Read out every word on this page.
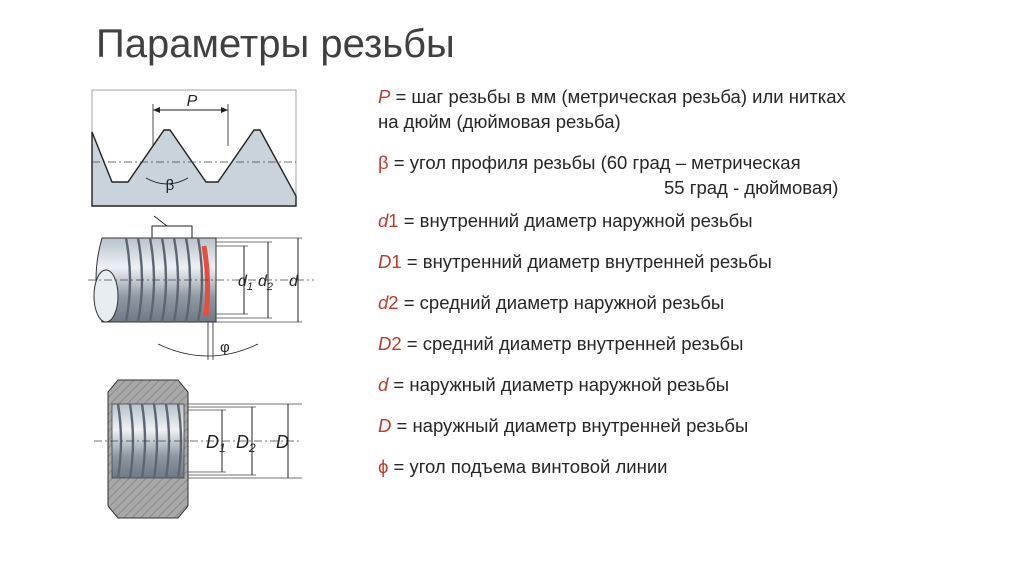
Параметры резьбы
P
β
$d_1$ $d_2$ d
φ
$D_1$ $D_2$ D
P = шаг резьбы в мм (метрическая резьба) или нитках
на дюйм (дюймовая резьба)
β = угол профиля резьбы (60 град – метрическая
55 град - дюймовая)
d1 = внутренний диаметр наружной резьбы
D1 = внутренний диаметр внутренней резьбы
d2 = средний диаметр наружной резьбы
D2 = средний диаметр внутренней резьбы
d = наружный диаметр наружной резьбы
D = наружный диаметр внутренней резьбы
ϕ = угол подъема винтовой линии
